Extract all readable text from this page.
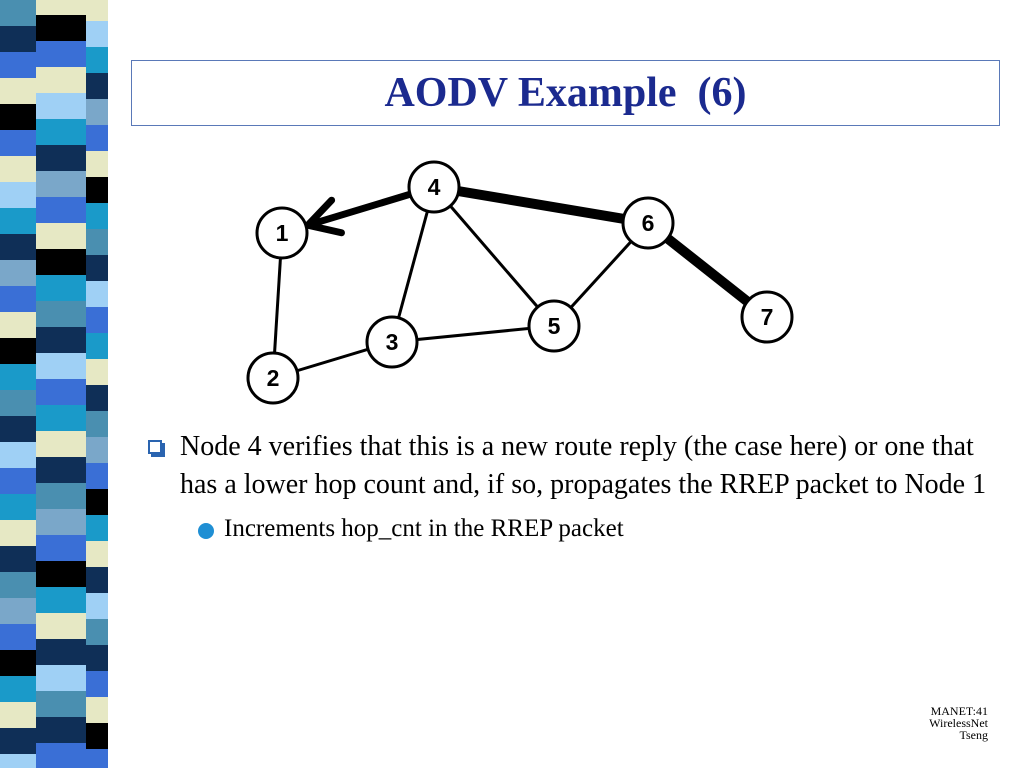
AODV Example  (6)
1
2
3
4
5
6
7
Node 4 verifies that this is a new route reply (the case here) or one that has a lower hop count and, if so, propagates the RREP packet to Node 1
Increments hop_cnt in the RREP packet
MANET:41
WirelessNet
Tseng
